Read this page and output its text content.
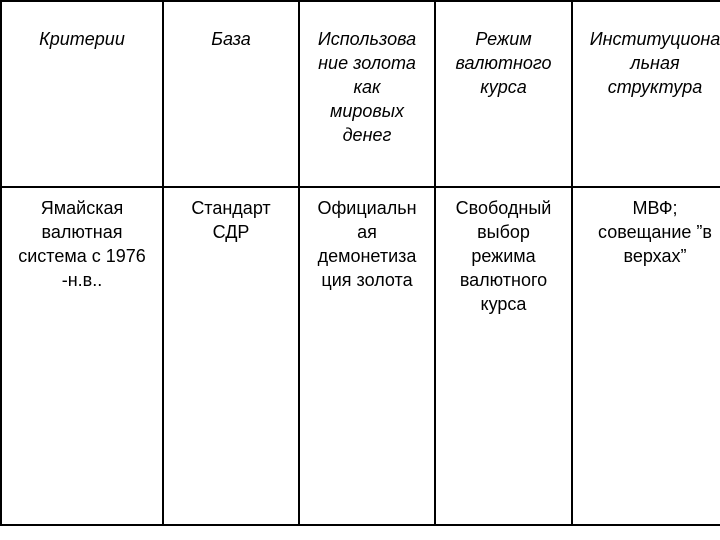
Критерии	База	Использова
ние золота
как
мировых
денег	Режим
валютного
курса	Институциона
льная
структура

Ямайская
валютная
система с 1976
-н.в..	Стандарт
СДР	Официальн
ая
демонетиза
ция золота	Свободный
выбор
режима
валютного
курса	МВФ;
совещание ”в
верхах”
